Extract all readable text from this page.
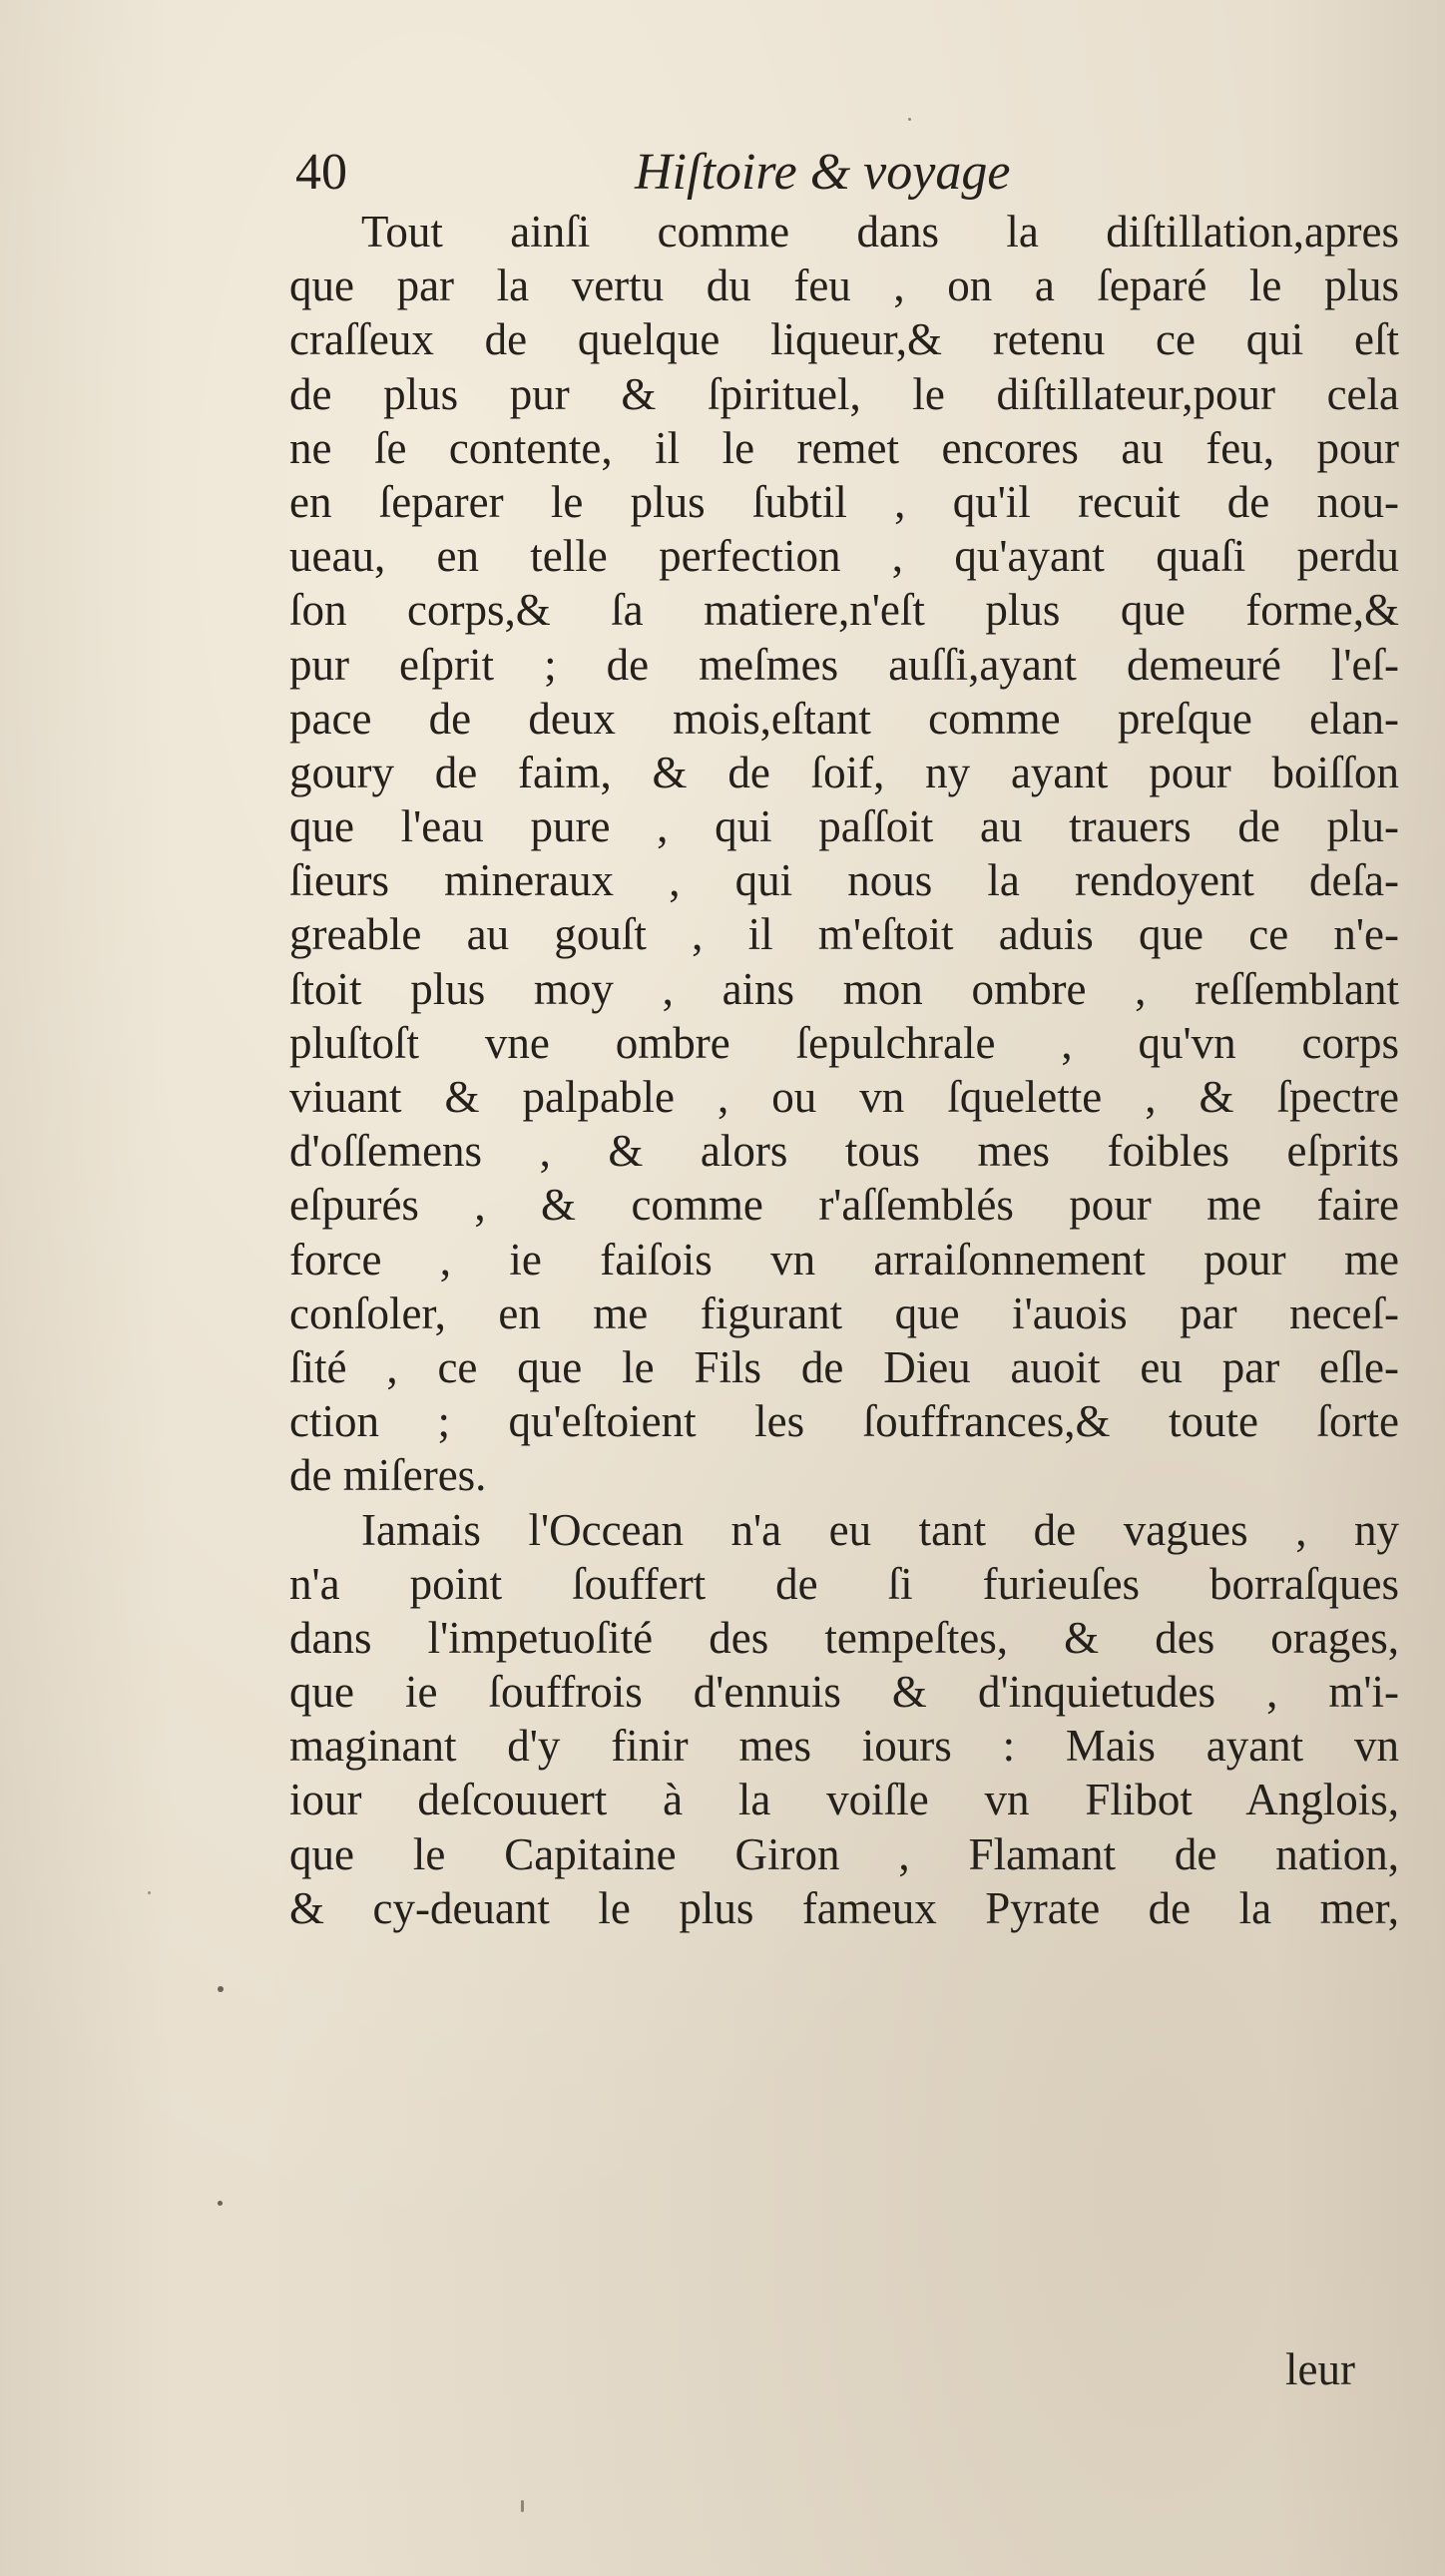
40	Hiſtoire & voyage
Tout ainſi comme dans la diſtillation,apres
que par la vertu du feu , on a ſeparé le plus
craſſeux de quelque liqueur,& retenu ce qui eſt
de plus pur & ſpirituel, le diſtillateur,pour cela
ne ſe contente, il le remet encores au feu, pour
en ſeparer le plus ſubtil , qu'il recuit de nou-
ueau, en telle perfection , qu'ayant quaſi perdu
ſon corps,& ſa matiere,n'eſt plus que forme,&
pur eſprit ; de meſmes auſſi,ayant demeuré l'eſ-
pace de deux mois,eſtant comme preſque elan-
goury de faim, & de ſoif, ny ayant pour boiſſon
que l'eau pure , qui paſſoit au trauers de plu-
ſieurs mineraux , qui nous la rendoyent deſa-
greable au gouſt , il m'eſtoit aduis que ce n'e-
ſtoit plus moy , ains mon ombre , reſſemblant
pluſtoſt vne ombre ſepulchrale , qu'vn corps
viuant & palpable , ou vn ſquelette , & ſpectre
d'oſſemens , & alors tous mes foibles eſprits
eſpurés , & comme r'aſſemblés pour me faire
force , ie faiſois vn arraiſonnement pour me
conſoler, en me figurant que i'auois par neceſ-
ſité , ce que le Fils de Dieu auoit eu par eſle-
ction ; qu'eſtoient les ſouffrances,& toute ſorte
de miſeres.
Iamais l'Occean n'a eu tant de vagues , ny
n'a point ſouffert de ſi furieuſes borraſques
dans l'impetuoſité des tempeſtes, & des orages,
que ie ſouffrois d'ennuis & d'inquietudes , m'i-
maginant d'y finir mes iours : Mais ayant vn
iour deſcouuert à la voiſle vn Flibot Anglois,
que le Capitaine Giron , Flamant de nation,
& cy-deuant le plus fameux Pyrate de la mer,
leur
